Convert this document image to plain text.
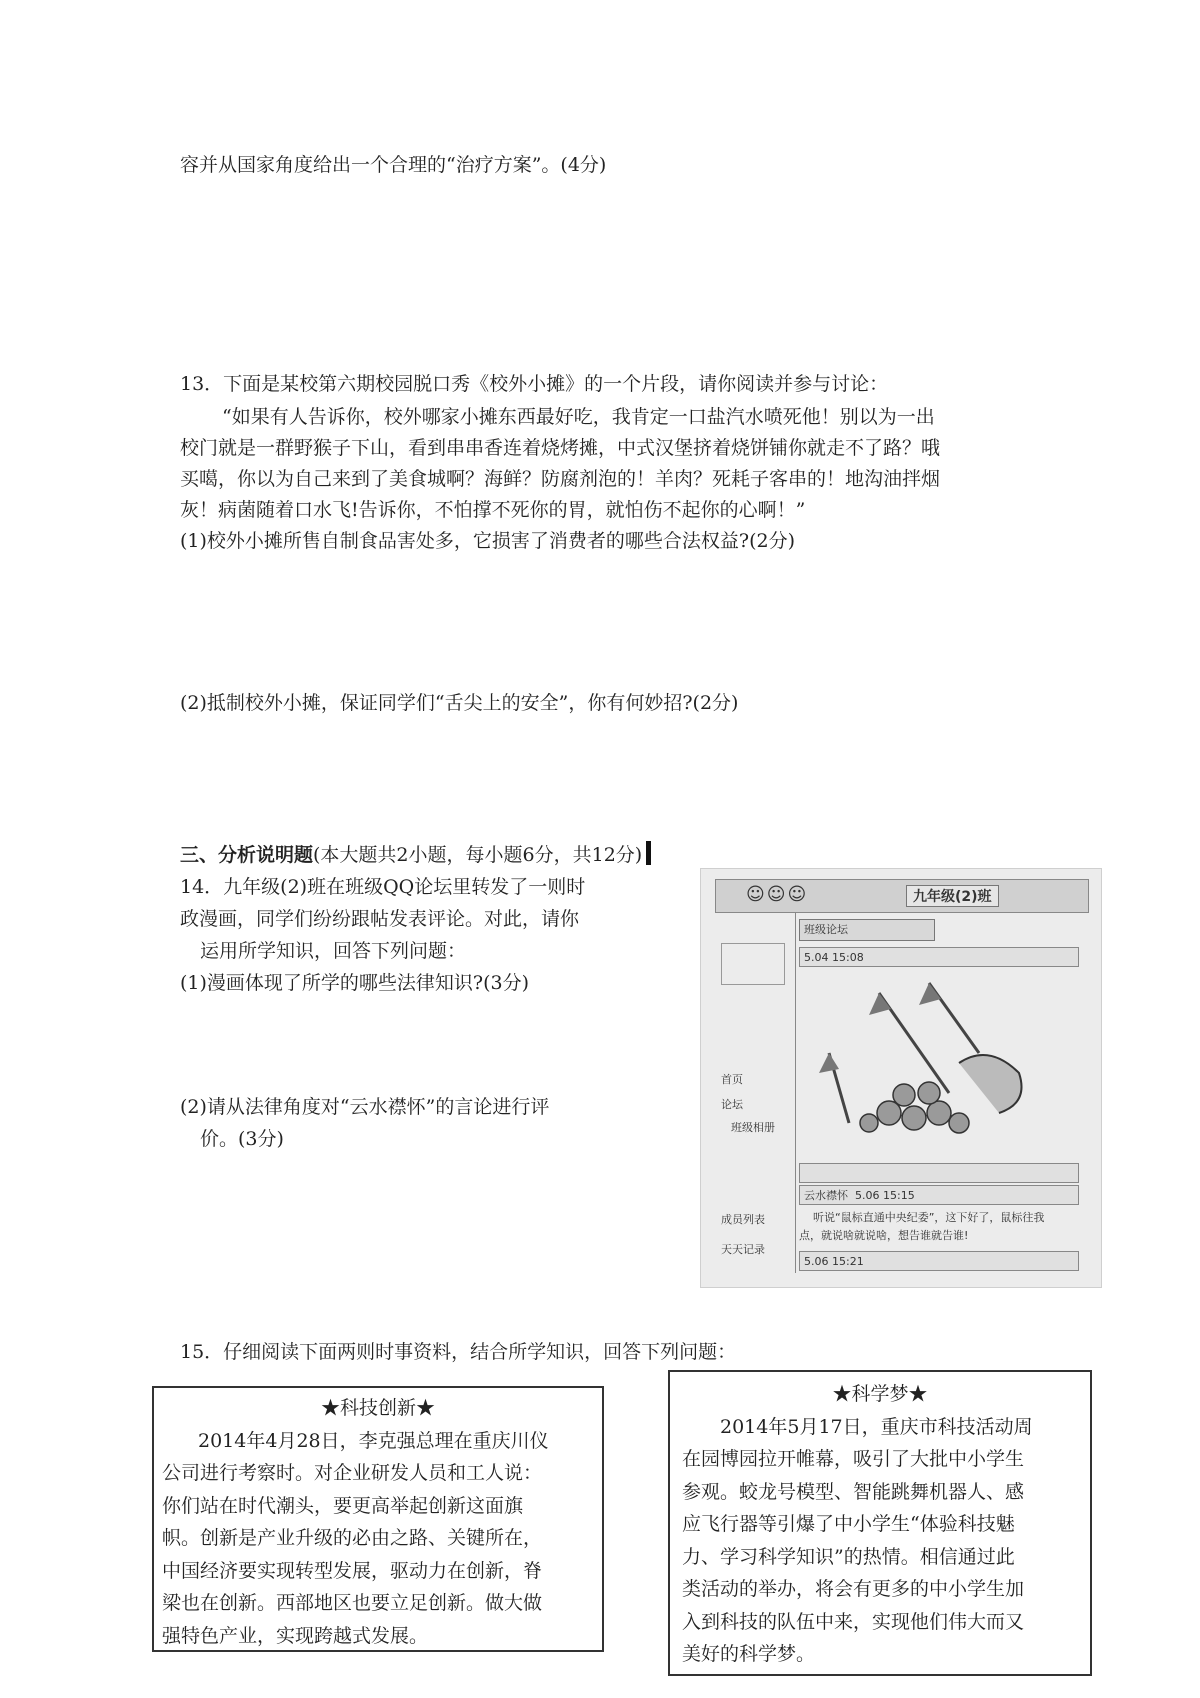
容并从国家角度给出一个合理的“治疗方案”。(4分)
13．下面是某校第六期校园脱口秀《校外小摊》的一个片段，请你阅读并参与讨论：
“如果有人告诉你，校外哪家小摊东西最好吃，我肯定一口盐汽水喷死他！别以为一出
校门就是一群野猴子下山，看到串串香连着烧烤摊，中式汉堡挤着烧饼铺你就走不了路？哦
买噶，你以为自己来到了美食城啊？海鲜？防腐剂泡的！羊肉？死耗子客串的！地沟油拌烟
灰！病菌随着口水飞!告诉你，不怕撑不死你的胃，就怕伤不起你的心啊！”
(1)校外小摊所售自制食品害处多，它损害了消费者的哪些合法权益?(2分)
(2)抵制校外小摊，保证同学们“舌尖上的安全”，你有何妙招?(2分)
三、分析说明题(本大题共2小题，每小题6分，共12分)
14．九年级(2)班在班级QQ论坛里转发了一则时
政漫画，同学们纷纷跟帖发表评论。对此，请你
运用所学知识，回答下列问题：
(1)漫画体现了所学的哪些法律知识?(3分)
(2)请从法律角度对“云水襟怀”的言论进行评
价。(3分)
☺☺☺	九年级(2)班
首页
论坛
班级相册
成员列表
天天记录
班级论坛
5.04 15:08
云水襟怀 5.06 15:15
听说“鼠标直通中央纪委”，这下好了，鼠标往我
点，就说啥就说啥，想告谁就告谁!
5.06 15:21
15．仔细阅读下面两则时事资料，结合所学知识，回答下列问题：
★科技创新★
2014年4月28日，李克强总理在重庆川仪
公司进行考察时。对企业研发人员和工人说：
你们站在时代潮头，要更高举起创新这面旗
帜。创新是产业升级的必由之路、关键所在，
中国经济要实现转型发展，驱动力在创新，脊
梁也在创新。西部地区也要立足创新。做大做
强特色产业，实现跨越式发展。
★科学梦★
2014年5月17日，重庆市科技活动周
在园博园拉开帷幕，吸引了大批中小学生
参观。蛟龙号模型、智能跳舞机器人、感
应飞行器等引爆了中小学生“体验科技魅
力、学习科学知识”的热情。相信通过此
类活动的举办，将会有更多的中小学生加
入到科技的队伍中来，实现他们伟大而又
美好的科学梦。
